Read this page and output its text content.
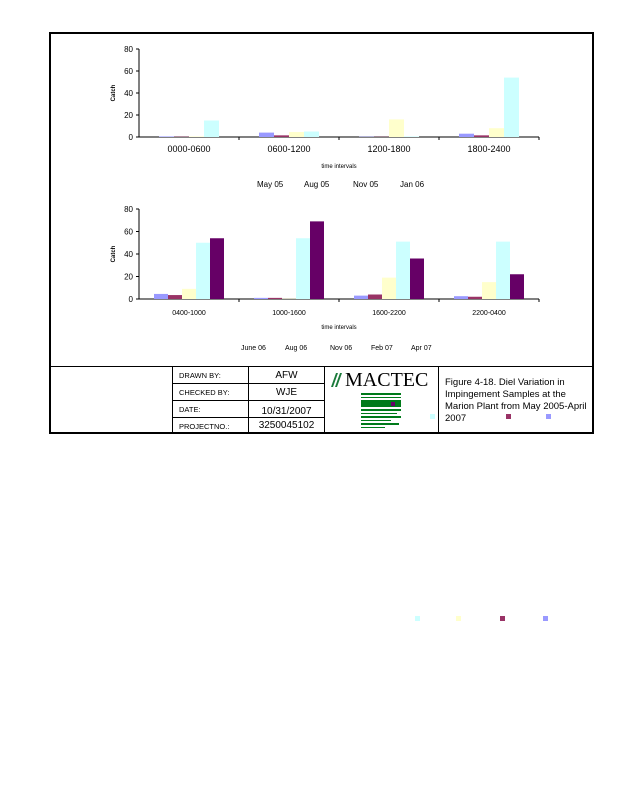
0
20
40
60
80
Catch
0000-0600	0600-1200	1200-1800	1800-2400
time intervals
May 05	Aug 05	Nov 05	Jan 06
0
20
40
60
80
Catch
0400-1000	1000-1600	1600-2200	2200-0400
time intervals
June 06	Aug 06	Nov 06	Feb 07	Apr 07
DRAWN BY:	AFW
CHECKED BY:	WJE
DATE:	10/31/2007
PROJECTNO.:	3250045102
MACTEC Figure 4-18. Diel Variation in Impingement Samples at the Marion Plant from May 2005-April 2007
